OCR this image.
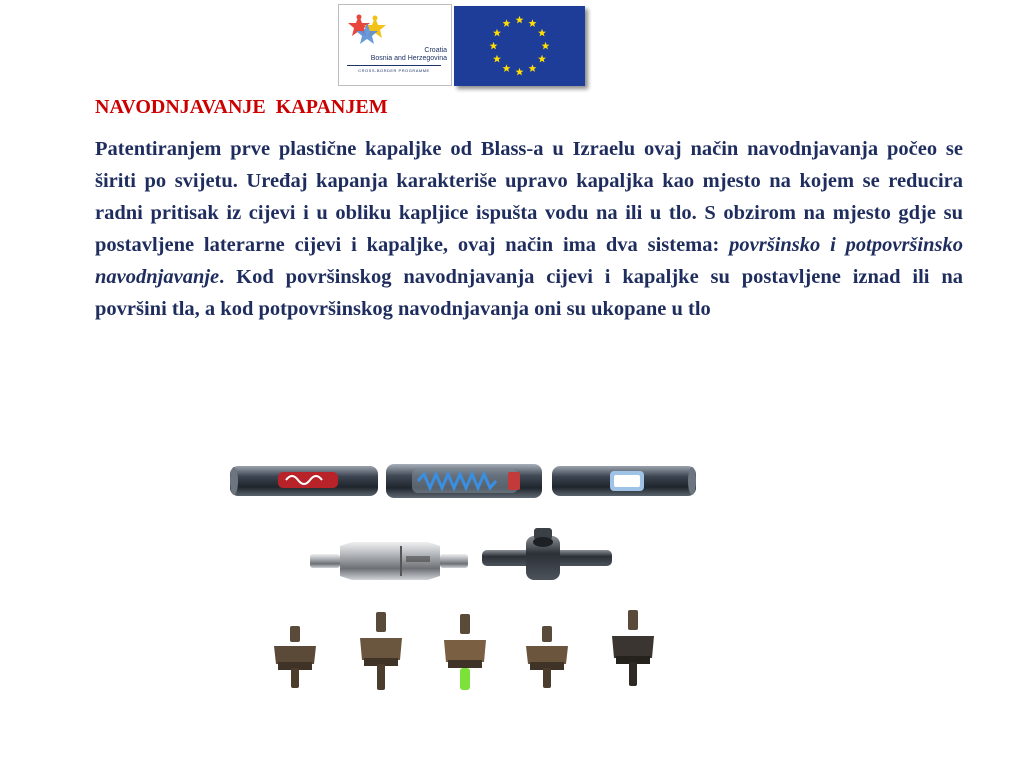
Croatia
Bosnia and Herzegovina
CROSS-BORDER PROGRAMME
NAVODNJAVANJE  KAPANJEM

Patentiranjem prve plastične kapaljke od Blass-a u Izraelu ovaj način navodnjavanja počeo se širiti po svijetu. Uređaj kapanja karakteriše upravo kapaljka kao mjesto na kojem se reducira radni pritisak iz cijevi i u obliku kapljice ispušta vodu na ili u tlo. S obzirom na mjesto gdje su postavljene laterarne cijevi i kapaljke, ovaj način ima dva sistema: površinsko i potpovršinsko navodnjavanje. Kod površinskog navodnjavanja cijevi i kapaljke su postavljene iznad ili na površini tla, a kod potpovršinskog navodnjavanja oni su ukopane u tlo
